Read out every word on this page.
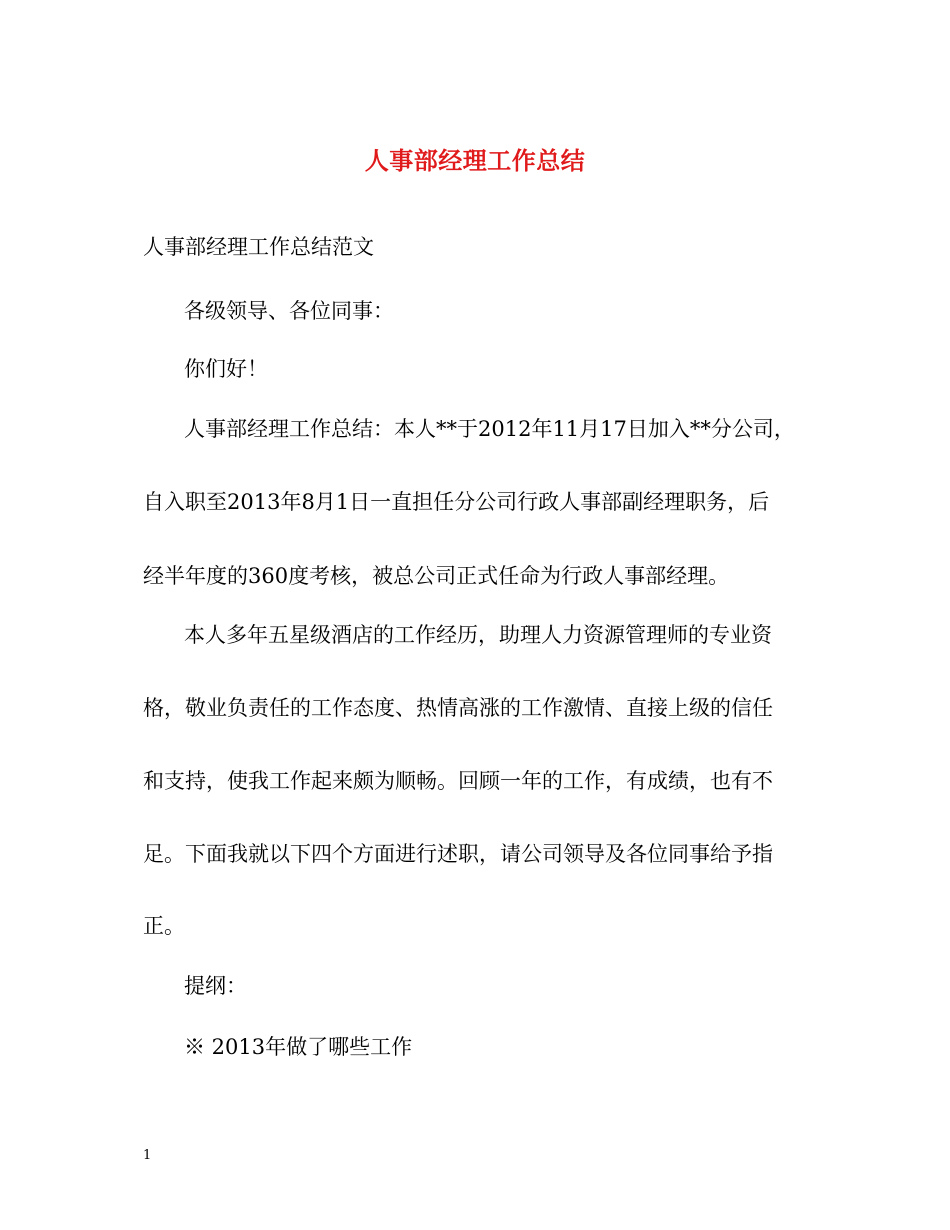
人事部经理工作总结
人事部经理工作总结范文
各级领导、各位同事：
你们好！
人事部经理工作总结：本人**于2012年11月17日加入**分公司，
自入职至2013年8月1日一直担任分公司行政人事部副经理职务，后
经半年度的360度考核，被总公司正式任命为行政人事部经理。
本人多年五星级酒店的工作经历，助理人力资源管理师的专业资
格，敬业负责任的工作态度、热情高涨的工作激情、直接上级的信任
和支持，使我工作起来颇为顺畅。回顾一年的工作，有成绩，也有不
足。下面我就以下四个方面进行述职，请公司领导及各位同事给予指
正。
提纲：
※ 2013年做了哪些工作
1
